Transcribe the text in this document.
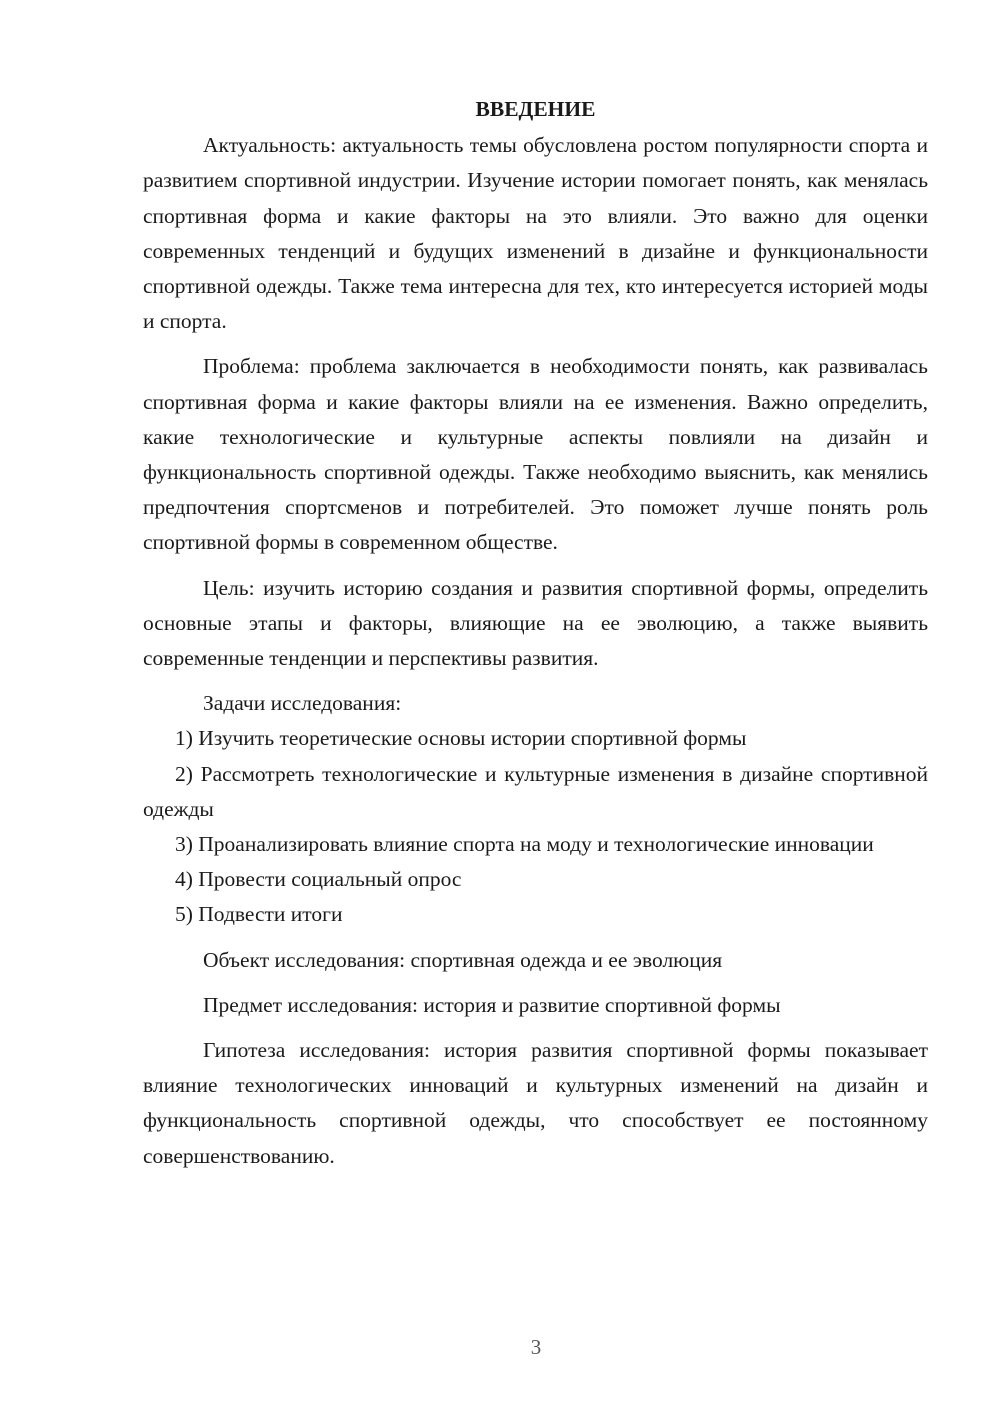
ВВЕДЕНИЕ

Актуальность: актуальность темы обусловлена ростом популярности спорта и развитием спортивной индустрии. Изучение истории помогает понять, как менялась спортивная форма и какие факторы на это влияли. Это важно для оценки современных тенденций и будущих изменений в дизайне и функциональности спортивной одежды. Также тема интересна для тех, кто интересуется историей моды и спорта.

Проблема: проблема заключается в необходимости понять, как развивалась спортивная форма и какие факторы влияли на ее изменения. Важно определить, какие технологические и культурные аспекты повлияли на дизайн и функциональность спортивной одежды. Также необходимо выяснить, как менялись предпочтения спортсменов и потребителей. Это поможет лучше понять роль спортивной формы в современном обществе.

Цель: изучить историю создания и развития спортивной формы, определить основные этапы и факторы, влияющие на ее эволюцию, а также выявить современные тенденции и перспективы развития.

Задачи исследования:

1) Изучить теоретические основы истории спортивной формы

2) Рассмотреть технологические и культурные изменения в дизайне спортивной одежды

3) Проанализировать влияние спорта на моду и технологические инновации

4) Провести социальный опрос

5) Подвести итоги

Объект исследования: спортивная одежда и ее эволюция

Предмет исследования: история и развитие спортивной формы

Гипотеза исследования: история развития спортивной формы показывает влияние технологических инноваций и культурных изменений на дизайн и функциональность спортивной одежды, что способствует ее постоянному совершенствованию.

3
